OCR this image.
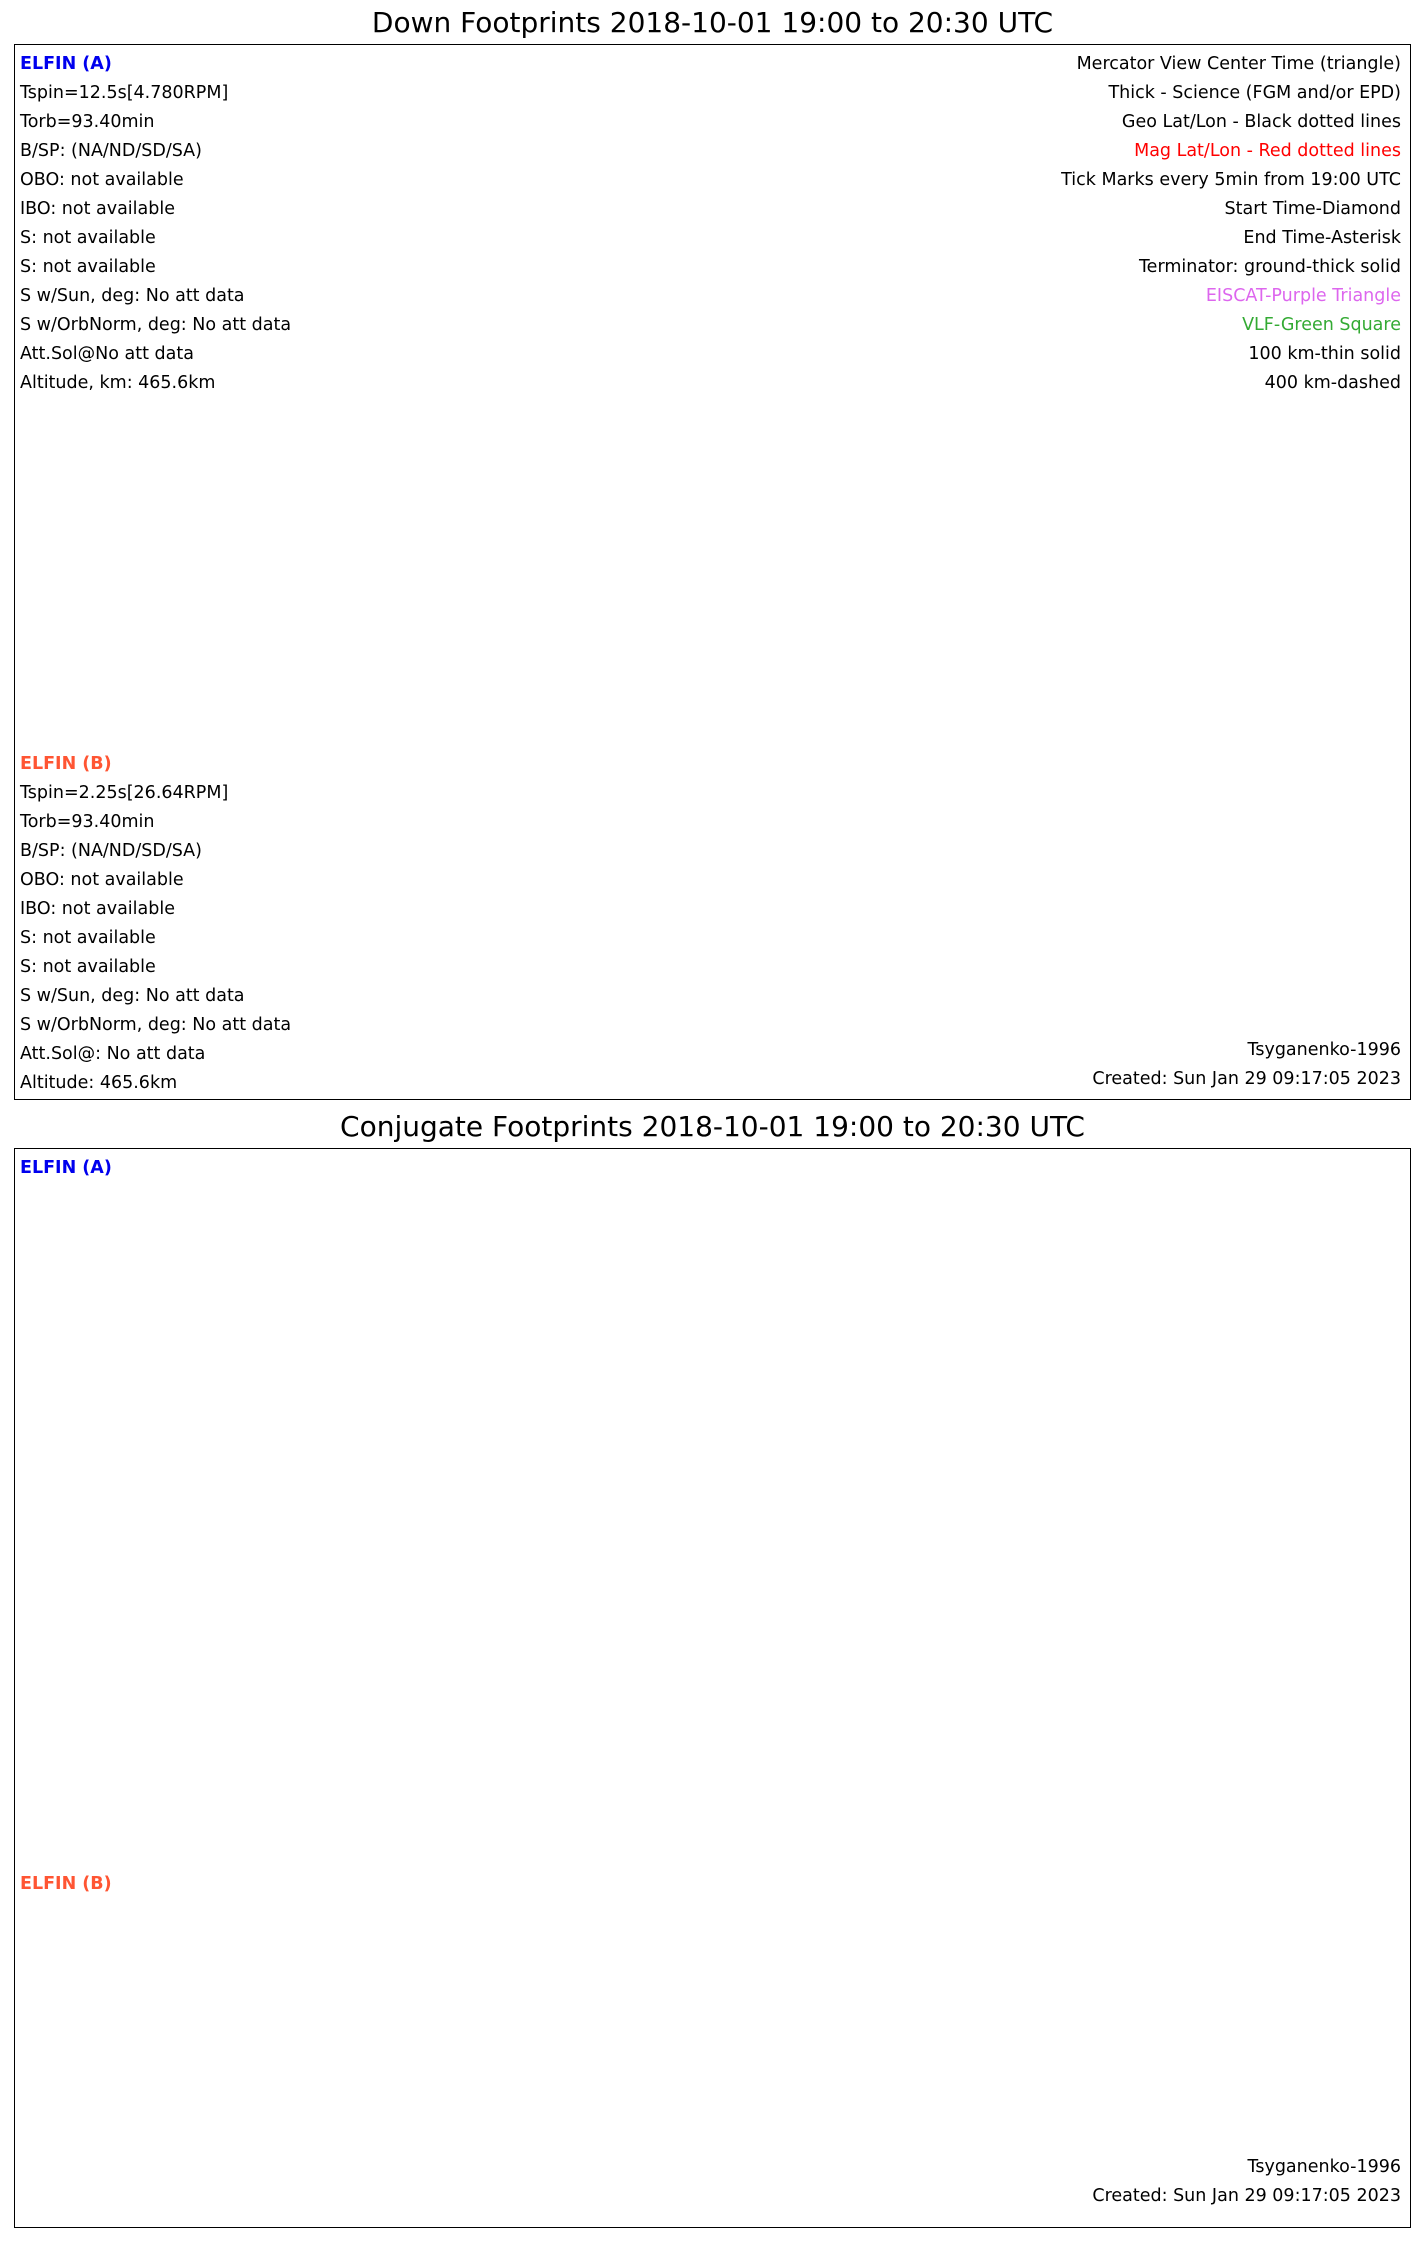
Down Footprints 2018-10-01 19:00 to 20:30 UTC
ELFIN (A)
Tspin=12.5s[4.780RPM]
Torb=93.40min
B/SP: (NA/ND/SD/SA)
OBO: not available
IBO: not available
S: not available
S: not available
S w/Sun, deg: No att data
S w/OrbNorm, deg: No att data
Att.Sol@No att data
Altitude, km: 465.6km
ELFIN (B)
Tspin=2.25s[26.64RPM]
Torb=93.40min
B/SP: (NA/ND/SD/SA)
OBO: not available
IBO: not available
S: not available
S: not available
S w/Sun, deg: No att data
S w/OrbNorm, deg: No att data
Att.Sol@: No att data
Altitude: 465.6km
Mercator View Center Time (triangle)
Thick - Science (FGM and/or EPD)
Geo Lat/Lon - Black dotted lines
Mag Lat/Lon - Red dotted lines
Tick Marks every 5min from 19:00 UTC
Start Time-Diamond
End Time-Asterisk
Terminator: ground-thick solid
EISCAT-Purple Triangle
VLF-Green Square
100 km-thin solid
400 km-dashed
Tsyganenko-1996
Created: Sun Jan 29 09:17:05 2023
Conjugate Footprints 2018-10-01 19:00 to 20:30 UTC
ELFIN (A)
ELFIN (B)
Tsyganenko-1996
Created: Sun Jan 29 09:17:05 2023
